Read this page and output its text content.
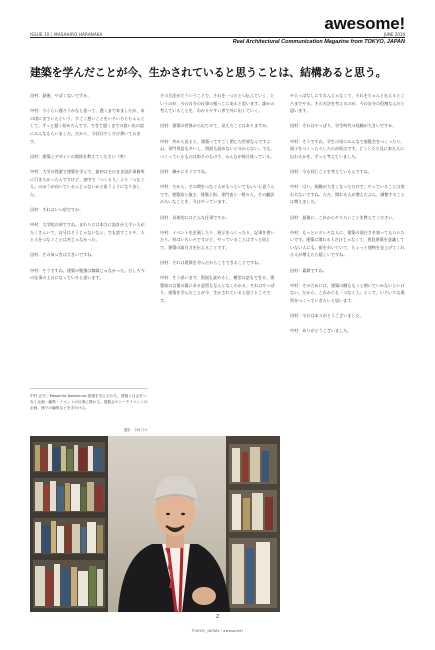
awesome!
ISSUE 10 | MASAHIRO HARANAKA	JUNE 2016
Real Architectural Communication Magazine from TOKYO, JAPAN
建築を学んだことが今、生かされていると思うことは、結構あると思う。

田村：最後、やばくないですか。

中村：今ぐらい遅ろうかなと思って、遅くまで来ましたが、あの頃にまでいたという、すごく悪いことをいろいろとちゃんとして、ずっと遅く始めたんです、できて遅くまでの思い出の話にみんなもらいました。だから、今回は少しだけ書いてみます。

田村：建築とデザインの関係を教えてください（笑）

中村：大学の授業で建築を学んで、最初はそのまま設計事務所に行きたかったんですけど、途中で「つくる人」より「つなぐ人」のほうが向いているんじゃないかと思うようになりました。

田村：それはいつ頃ですか。

中村：大学院の頃ですね。まわりには本当に設計が上手い人がたくさんいて、自分はそうじゃないなと。でも話すことや、人と人をつなぐことは苦じゃなかった。

田村：その気づきは大きいですね。

中村：そうですね。建築の勉強は無駄じゃなかった。むしろ今の仕事の土台になっていると思います。

その方法がどういうことで、それを一つひとつ伝えていく、というのが、今の自分の仕事の根っこにあると思います。誰かの考えていることを、わかりやすい形で外に出していく。

田村：建築の世界から出てみて、見えたことはありますか。

中村：外から見ると、建築ってすごく閉じた世界なんですよね。専門用語も多いし、図面も読めないと分からない。でも、つくっているものは街そのもので、みんなが毎日使っている。

田村：確かにそうですね。

中村：だから、その間をつなぐ人がもっといてもいいと思うんです。建築家と施主、建築と街、専門家と一般の人。その翻訳みたいなことを、今はやっています。

田村：具体的にはどんな仕事ですか。

中村：イベントを企画したり、展示をつくったり、記事を書いたり。形はいろいろですけど、やっていることはずっと同じで、建築の面白さを伝えることです。

田村：それは建築を学んだからこそできることですね。

中村：そう思います。図面も読めるし、模型の話もできる。建築家の言葉の裏にある意図もなんとなくわかる。それはやっぱり、建築を学んだことが今、生かされていると思うところです。

やらっぱなしにするんじゃなくて、それをちゃんと伝えるところまでやる。その方法を考えるのが、今の自分の役割なんだと思います。

田村：それはやっぱり、学生時代の経験が大きいですか。

中村：そうですね。学生の頃にみんなで展覧会をつくったり、冊子をつくったりしたのが原点です。どうしたら見に来た人に伝わるかを、ずっと考えていました。

田村：今も同じことを考えているんですね。

中村：はい。規模が大きくなっただけで、やっていることは変わらないですね。ただ、関わる人が増えたぶん、調整することは増えました。

田村：最後に、これからやりたいことを教えてください。

中村：もっといろいろな人に、建築の面白さを知ってもらいたいです。建築に関わる人だけじゃなくて、普段建築を意識していない人にも。街を歩いていて、ちょっと建物を見上げてくれる人が増えたら嬉しいですね。

田村：素敵ですね。

中村：そのためには、建築の側ももっと開いていかないといけない。だから、これからも「つなぐ人」として、いろいろな場所をつくっていきたいと思います。

田村：今日はありがとうございました。

中村：ありがとうございました。

中村 正宏／Masahiro Nakamura 建築を学んだのち、建築と社会をつなぐ企画・編集・イベントの仕事に携わる。展覧会やトークイベントの企画、冊子の編集などを手がける。
撮影：小林 ほか
2
TOKYO, JAPAN / awesome!
